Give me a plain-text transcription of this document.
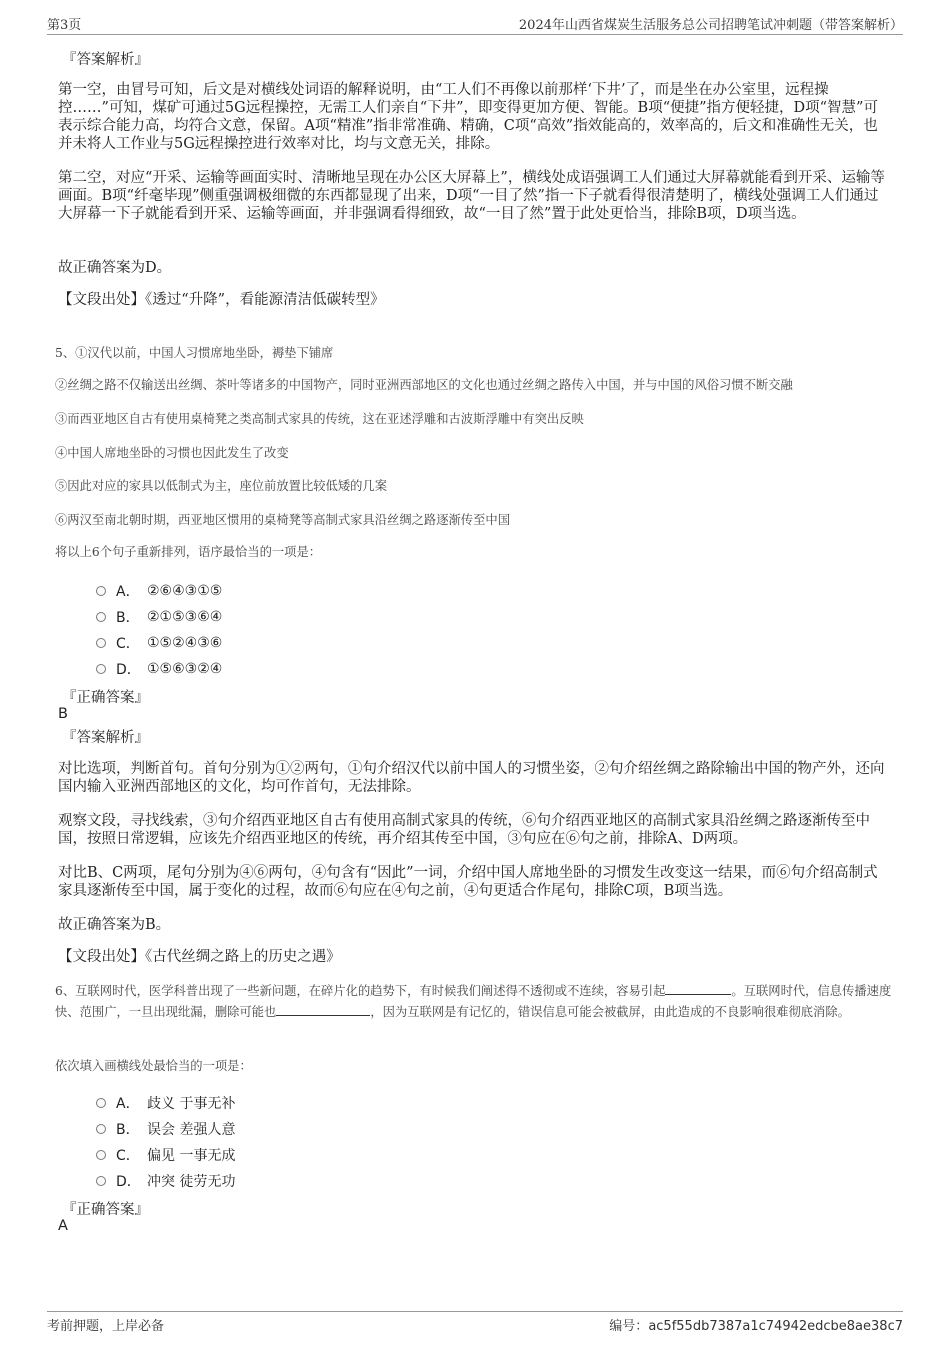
第3页	2024年山西省煤炭生活服务总公司招聘笔试冲刺题（带答案解析）
『答案解析』

第一空，由冒号可知，后文是对横线处词语的解释说明，由“工人们不再像以前那样‘下井’了，而是坐在办公室里，远程操控……”可知，煤矿可通过5G远程操控，无需工人们亲自“下井”，即变得更加方便、智能。B项“便捷”指方便轻捷，D项“智慧”可表示综合能力高，均符合文意，保留。A项“精准”指非常准确、精确，C项“高效”指效能高的，效率高的，后文和准确性无关，也并未将人工作业与5G远程操控进行效率对比，均与文意无关，排除。

第二空，对应“开采、运输等画面实时、清晰地呈现在办公区大屏幕上”，横线处成语强调工人们通过大屏幕就能看到开采、运输等画面。B项“纤毫毕现”侧重强调极细微的东西都显现了出来，D项“一目了然”指一下子就看得很清楚明了，横线处强调工人们通过大屏幕一下子就能看到开采、运输等画面，并非强调看得细致，故“一目了然”置于此处更恰当，排除B项，D项当选。

故正确答案为D。

【文段出处】《透过“升降”，看能源清洁低碳转型》

5、①汉代以前，中国人习惯席地坐卧，褥垫下铺席

②丝绸之路不仅输送出丝绸、茶叶等诸多的中国物产，同时亚洲西部地区的文化也通过丝绸之路传入中国，并与中国的风俗习惯不断交融

③而西亚地区自古有使用桌椅凳之类高制式家具的传统，这在亚述浮雕和古波斯浮雕中有突出反映

④中国人席地坐卧的习惯也因此发生了改变

⑤因此对应的家具以低制式为主，座位前放置比较低矮的几案

⑥两汉至南北朝时期，西亚地区惯用的桌椅凳等高制式家具沿丝绸之路逐渐传至中国

将以上6个句子重新排列，语序最恰当的一项是：

A． ②⑥④③①⑤
B． ②①⑤③⑥④
C． ①⑤②④③⑥
D． ①⑤⑥③②④
『正确答案』
B
『答案解析』

对比选项，判断首句。首句分别为①②两句，①句介绍汉代以前中国人的习惯坐姿，②句介绍丝绸之路除输出中国的物产外，还向国内输入亚洲西部地区的文化，均可作首句，无法排除。

观察文段，寻找线索，③句介绍西亚地区自古有使用高制式家具的传统，⑥句介绍西亚地区的高制式家具沿丝绸之路逐渐传至中国，按照日常逻辑，应该先介绍西亚地区的传统，再介绍其传至中国，③句应在⑥句之前，排除A、D两项。

对比B、C两项，尾句分别为④⑥两句，④句含有“因此”一词，介绍中国人席地坐卧的习惯发生改变这一结果，而⑥句介绍高制式家具逐渐传至中国，属于变化的过程，故而⑥句应在④句之前，④句更适合作尾句，排除C项，B项当选。

故正确答案为B。

【文段出处】《古代丝绸之路上的历史之遇》

6、互联网时代，医学科普出现了一些新问题，在碎片化的趋势下，有时候我们阐述得不透彻或不连续，容易引起	。互联网时代，信息传播速度快、范围广，一旦出现纰漏，删除可能也	，因为互联网是有记忆的，错误信息可能会被截屏，由此造成的不良影响很难彻底消除。

依次填入画横线处最恰当的一项是：

A． 歧义 于事无补
B． 误会 差强人意
C． 偏见 一事无成
D． 冲突 徒劳无功
『正确答案』
A
考前押题，上岸必备	编号：ac5f55db7387a1c74942edcbe8ae38c7
